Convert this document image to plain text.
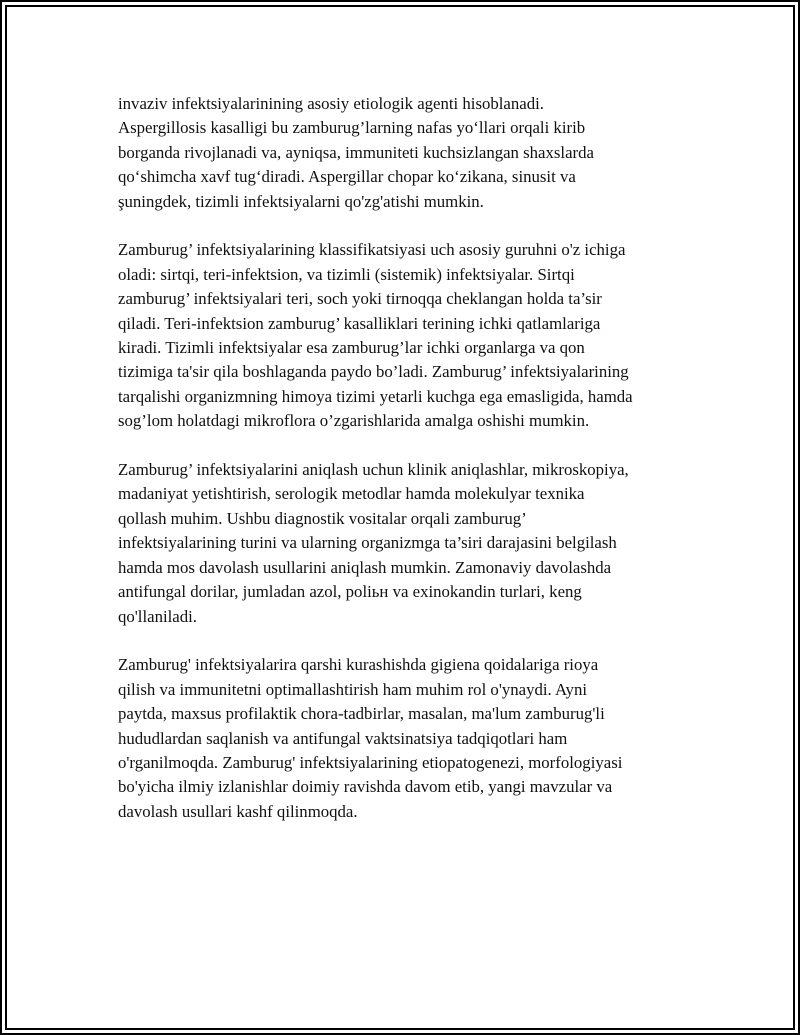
invaziv infektsiyalarinining asosiy etiologik agenti hisoblanadi.
Aspergillosis kasalligi bu zamburug’larning nafas yo‘llari orqali kirib
borganda rivojlanadi va, ayniqsa, immuniteti kuchsizlangan shaxslarda
qo‘shimcha xavf tug‘diradi. Aspergillar chopar ko‘zikana, sinusit va
şuningdek, tizimli infektsiyalarni qo'zg'atishi mumkin.

Zamburug’ infektsiyalarining klassifikatsiyasi uch asosiy guruhni o'z ichiga
oladi: sirtqi, teri-infektsion, va tizimli (sistemik) infektsiyalar. Sirtqi
zamburug’ infektsiyalari teri, soch yoki tirnoqqa cheklangan holda ta’sir
qiladi. Teri-infektsion zamburug’ kasalliklari terining ichki qatlamlariga
kiradi. Tizimli infektsiyalar esa zamburug’lar ichki organlarga va qon
tizimiga ta'sir qila boshlaganda paydo bo’ladi. Zamburug’ infektsiyalarining
tarqalishi organizmning himoya tizimi yetarli kuchga ega emasligida, hamda
sog’lom holatdagi mikroflora o’zgarishlarida amalga oshishi mumkin.

Zamburug’ infektsiyalarini aniqlash uchun klinik aniqlashlar, mikroskopiya,
madaniyat yetishtirish, serologik metodlar hamda molekulyar texnika
qollash muhim. Ushbu diagnostik vositalar orqali zamburug’
infektsiyalarining turini va ularning organizmga ta’siri darajasini belgilash
hamda mos davolash usullarini aniqlash mumkin. Zamonaviy davolashda
antifungal dorilar, jumladan azol, poliьн va exinokandin turlari, keng
qo'llaniladi.

Zamburug' infektsiyalarira qarshi kurashishda gigiena qoidalariga rioya
qilish va immunitetni optimallashtirish ham muhim rol o'ynaydi. Ayni
paytda, maxsus profilaktik chora-tadbirlar, masalan, ma'lum zamburug'li
hududlardan saqlanish va antifungal vaktsinatsiya tadqiqotlari ham
o'rganilmoqda. Zamburug' infektsiyalarining etiopatogenezi, morfologiyasi
bo'yicha ilmiy izlanishlar doimiy ravishda davom etib, yangi mavzular va
davolash usullari kashf qilinmoqda.
